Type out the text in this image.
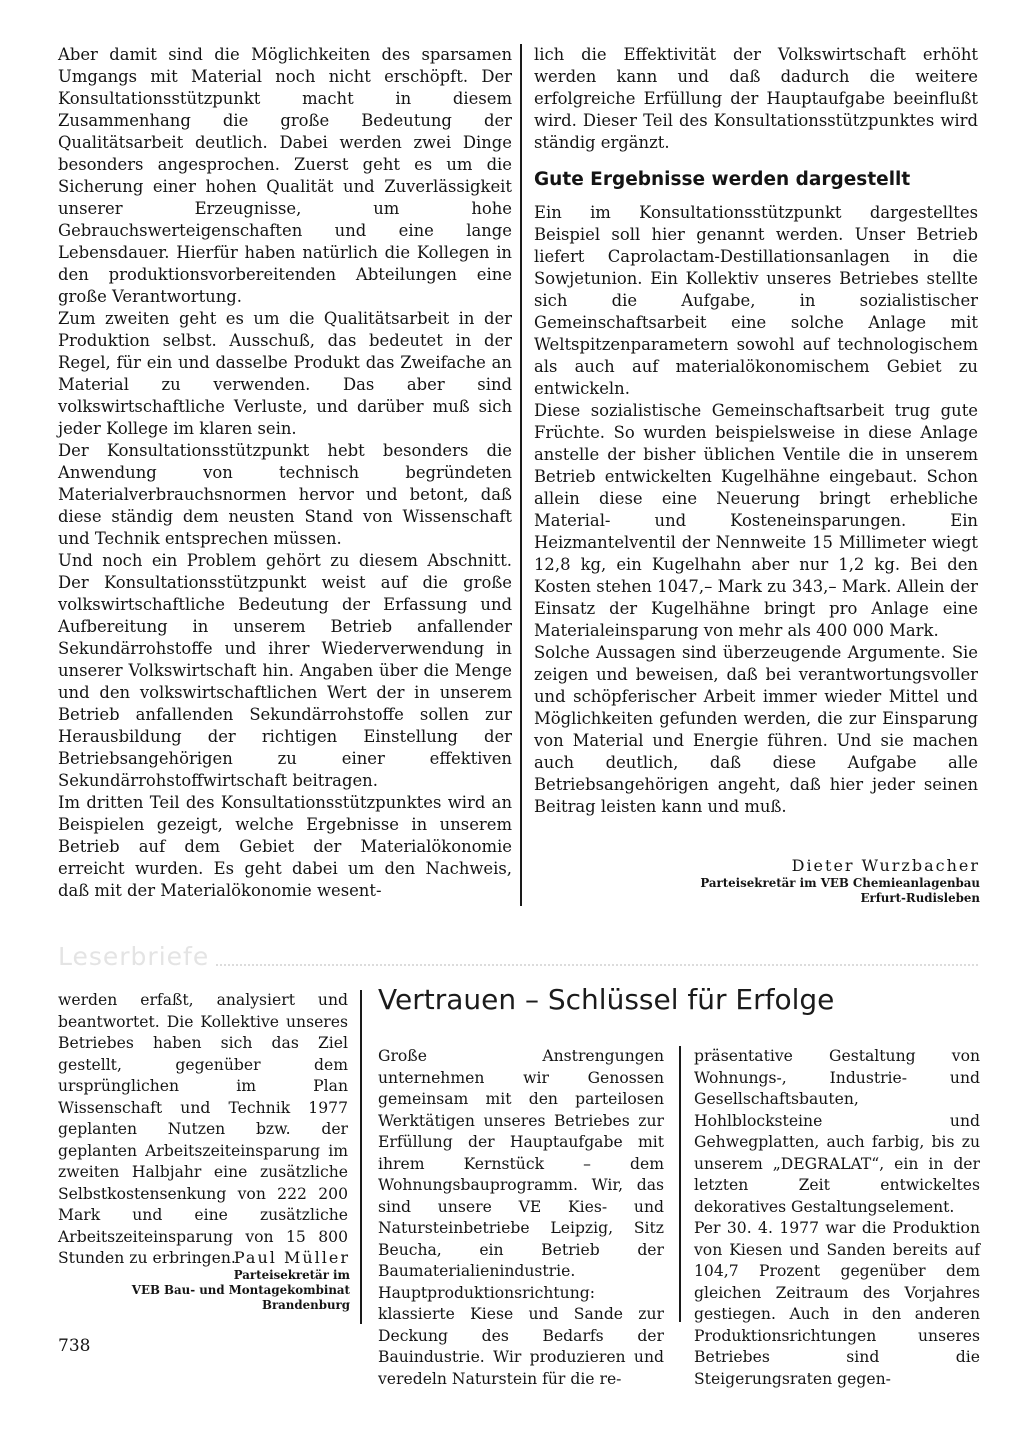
Aber damit sind die Möglichkeiten des sparsamen Umgangs mit Material noch nicht erschöpft. Der Konsultationsstützpunkt macht in diesem Zusammenhang die große Bedeutung der Qualitätsarbeit deutlich. Dabei werden zwei Dinge besonders angesprochen. Zuerst geht es um die Sicherung einer hohen Qualität und Zuverlässigkeit unserer Erzeugnisse, um hohe Gebrauchswerteigenschaften und eine lange Lebensdauer. Hierfür haben natürlich die Kollegen in den produktionsvorbereitenden Abteilungen eine große Verantwortung.

Zum zweiten geht es um die Qualitätsarbeit in der Produktion selbst. Ausschuß, das bedeutet in der Regel, für ein und dasselbe Produkt das Zweifache an Material zu verwenden. Das aber sind volkswirtschaftliche Verluste, und darüber muß sich jeder Kollege im klaren sein.

Der Konsultationsstützpunkt hebt besonders die Anwendung von technisch begründeten Materialverbrauchsnormen hervor und betont, daß diese ständig dem neusten Stand von Wissenschaft und Technik entsprechen müssen.

Und noch ein Problem gehört zu diesem Abschnitt. Der Konsultationsstützpunkt weist auf die große volkswirtschaftliche Bedeutung der Erfassung und Aufbereitung in unserem Betrieb anfallender Sekundärrohstoffe und ihrer Wiederverwendung in unserer Volkswirtschaft hin. Angaben über die Menge und den volkswirtschaftlichen Wert der in unserem Betrieb anfallenden Sekundärrohstoffe sollen zur Herausbildung der richtigen Einstellung der Betriebsangehörigen zu einer effektiven Sekundärrohstoffwirtschaft beitragen.

Im dritten Teil des Konsultationsstützpunktes wird an Beispielen gezeigt, welche Ergebnisse in unserem Betrieb auf dem Gebiet der Materialökonomie erreicht wurden. Es geht dabei um den Nachweis, daß mit der Materialökonomie wesent-

lich die Effektivität der Volkswirtschaft erhöht werden kann und daß dadurch die weitere erfolgreiche Erfüllung der Hauptaufgabe beeinflußt wird. Dieser Teil des Konsultationsstützpunktes wird ständig ergänzt.

Gute Ergebnisse werden dargestellt

Ein im Konsultationsstützpunkt dargestelltes Beispiel soll hier genannt werden. Unser Betrieb liefert Caprolactam-Destillationsanlagen in die Sowjetunion. Ein Kollektiv unseres Betriebes stellte sich die Aufgabe, in sozialistischer Gemeinschaftsarbeit eine solche Anlage mit Weltspitzenparametern sowohl auf technologischem als auch auf materialökonomischem Gebiet zu entwickeln.

Diese sozialistische Gemeinschaftsarbeit trug gute Früchte. So wurden beispielsweise in diese Anlage anstelle der bisher üblichen Ventile die in unserem Betrieb entwickelten Kugelhähne eingebaut. Schon allein diese eine Neuerung bringt erhebliche Material- und Kosteneinsparungen. Ein Heizmantelventil der Nennweite 15 Millimeter wiegt 12,8 kg, ein Kugelhahn aber nur 1,2 kg. Bei den Kosten stehen 1047,– Mark zu 343,– Mark. Allein der Einsatz der Kugelhähne bringt pro Anlage eine Materialeinsparung von mehr als 400 000 Mark.

Solche Aussagen sind überzeugende Argumente. Sie zeigen und beweisen, daß bei verantwortungsvoller und schöpferischer Arbeit immer wieder Mittel und Möglichkeiten gefunden werden, die zur Einsparung von Material und Energie führen. Und sie machen auch deutlich, daß diese Aufgabe alle Betriebsangehörigen angeht, daß hier jeder seinen Beitrag leisten kann und muß.

Dieter Wurzbacher
Parteisekretär im VEB Chemieanlagenbau
Erfurt-Rudisleben
Leserbriefe

werden erfaßt, analysiert und beantwortet. Die Kollektive unseres Betriebes haben sich das Ziel gestellt, gegenüber dem ursprünglichen im Plan Wissenschaft und Technik 1977 geplanten Nutzen bzw. der geplanten Arbeitszeiteinsparung im zweiten Halbjahr eine zusätzliche Selbstkostensenkung von 222 200 Mark und eine zusätzliche Arbeitszeiteinsparung von 15 800 Stunden zu erbringen.

Paul Müller
Parteisekretär im
VEB Bau- und Montagekombinat
Brandenburg
Vertrauen – Schlüssel für Erfolge

Große Anstrengungen unternehmen wir Genossen gemeinsam mit den parteilosen Werktätigen unseres Betriebes zur Erfüllung der Hauptaufgabe mit ihrem Kernstück – dem Wohnungsbauprogramm. Wir, das sind unsere VE Kies- und Natursteinbetriebe Leipzig, Sitz Beucha, ein Betrieb der Baumaterialienindustrie. Hauptproduktionsrichtung: klassierte Kiese und Sande zur Deckung des Bedarfs der Bauindustrie. Wir produzieren und veredeln Naturstein für die re-

präsentative Gestaltung von Wohnungs-, Industrie- und Gesellschaftsbauten, Hohlblocksteine und Gehwegplatten, auch farbig, bis zu unserem „DEGRALAT“, ein in der letzten Zeit entwickeltes dekoratives Gestaltungselement.

Per 30. 4. 1977 war die Produktion von Kiesen und Sanden bereits auf 104,7 Prozent gegenüber dem gleichen Zeitraum des Vorjahres gestiegen. Auch in den anderen Produktionsrichtungen unseres Betriebes sind die Steigerungsraten gegen-

738
